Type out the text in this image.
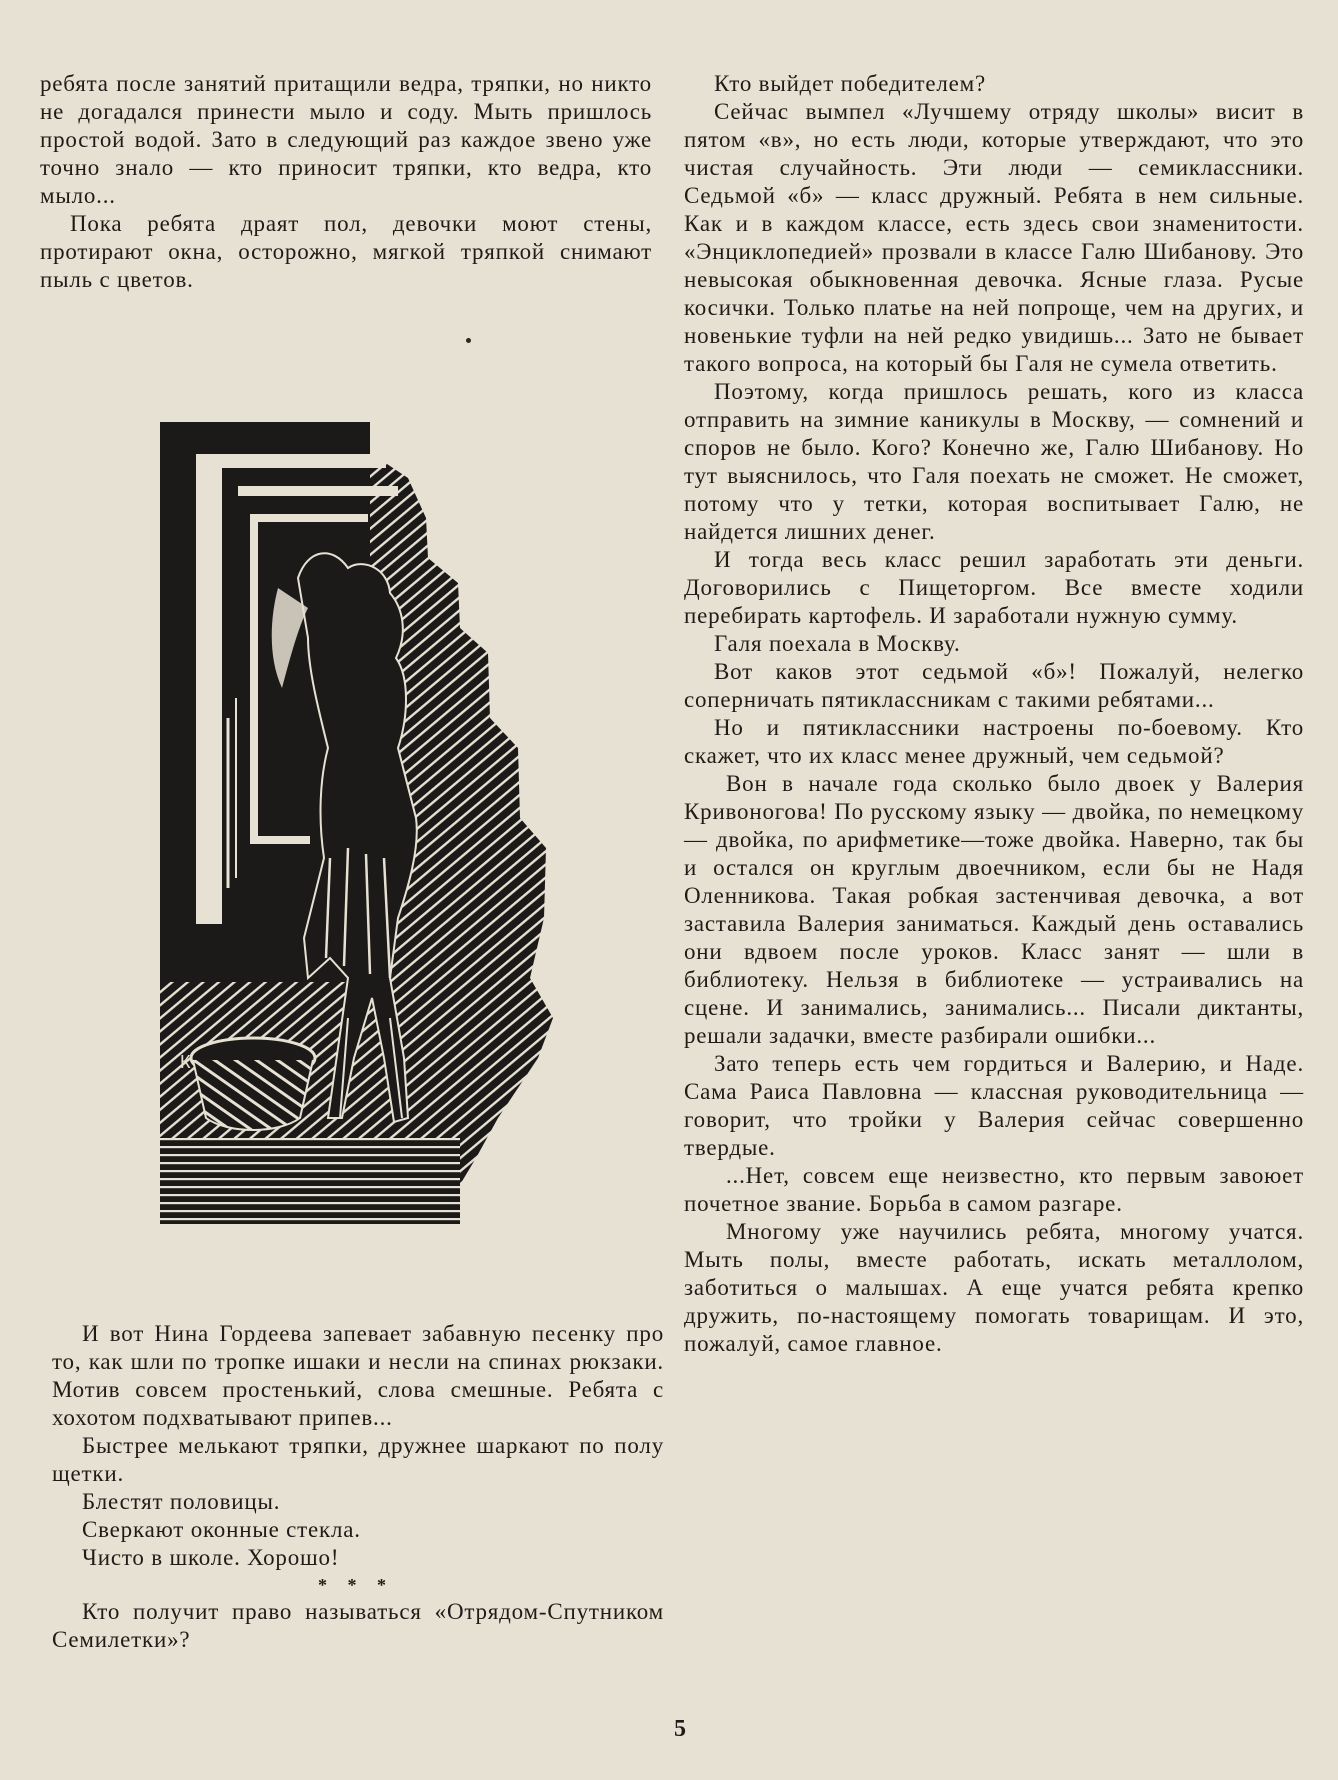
ребята после занятий притащили ведра, тряпки, но никто не догадался принести мыло и соду. Мыть пришлось простой водой. Зато в следующий раз каждое звено уже точно знало — кто приносит тряпки, кто ведра, кто мыло...

Пока ребята драят пол, девочки моют стены, протирают окна, осторожно, мягкой тряпкой снимают пыль с цветов.

К

И вот Нина Гордеева запевает забавную песенку про то, как шли по тропке ишаки и несли на спинах рюкзаки. Мотив совсем простенький, слова смешные. Ребята с хохотом подхватывают припев...

Быстрее мелькают тряпки, дружнее шаркают по полу щетки.

Блестят половицы.

Сверкают оконные стекла.

Чисто в школе. Хорошо!

* * *

Кто получит право называться «Отрядом-Спутником Семилетки»?

Кто выйдет победителем?

Сейчас вымпел «Лучшему отряду школы» висит в пятом «в», но есть люди, которые утверждают, что это чистая случайность. Эти люди — семиклассники. Седьмой «б» — класс дружный. Ребята в нем сильные. Как и в каждом классе, есть здесь свои знаменитости. «Энциклопедией» прозвали в классе Галю Шибанову. Это невысокая обыкновенная девочка. Ясные глаза. Русые косички. Только платье на ней попроще, чем на других, и новенькие туфли на ней редко увидишь... Зато не бывает такого вопроса, на который бы Галя не сумела ответить.

Поэтому, когда пришлось решать, кого из класса отправить на зимние каникулы в Москву, — сомнений и споров не было. Кого? Конечно же, Галю Шибанову. Но тут выяснилось, что Галя поехать не сможет. Не сможет, потому что у тетки, которая воспитывает Галю, не найдется лишних денег.

И тогда весь класс решил заработать эти деньги. Договорились с Пищеторгом. Все вместе ходили перебирать картофель. И заработали нужную сумму.

Галя поехала в Москву.

Вот каков этот седьмой «б»! Пожалуй, нелегко соперничать пятиклассникам с такими ребятами...

Но и пятиклассники настроены по-боевому. Кто скажет, что их класс менее дружный, чем седьмой?

Вон в начале года сколько было двоек у Валерия Кривоногова! По русскому языку — двойка, по немецкому — двойка, по арифметике—тоже двойка. Наверно, так бы и остался он круглым двоечником, если бы не Надя Оленникова. Такая робкая застенчивая девочка, а вот заставила Валерия заниматься. Каждый день оставались они вдвоем после уроков. Класс занят — шли в библиотеку. Нельзя в библиотеке — устраивались на сцене. И занимались, занимались... Писали диктанты, решали задачки, вместе разбирали ошибки...

Зато теперь есть чем гордиться и Валерию, и Наде. Сама Раиса Павловна — классная руководительница — говорит, что тройки у Валерия сейчас совершенно твердые.

...Нет, совсем еще неизвестно, кто первым завоюет почетное звание. Борьба в самом разгаре.

Многому уже научились ребята, многому учатся. Мыть полы, вместе работать, искать металлолом, заботиться о малышах. А еще учатся ребята крепко дружить, по-настоящему помогать товарищам. И это, пожалуй, самое главное.

5
